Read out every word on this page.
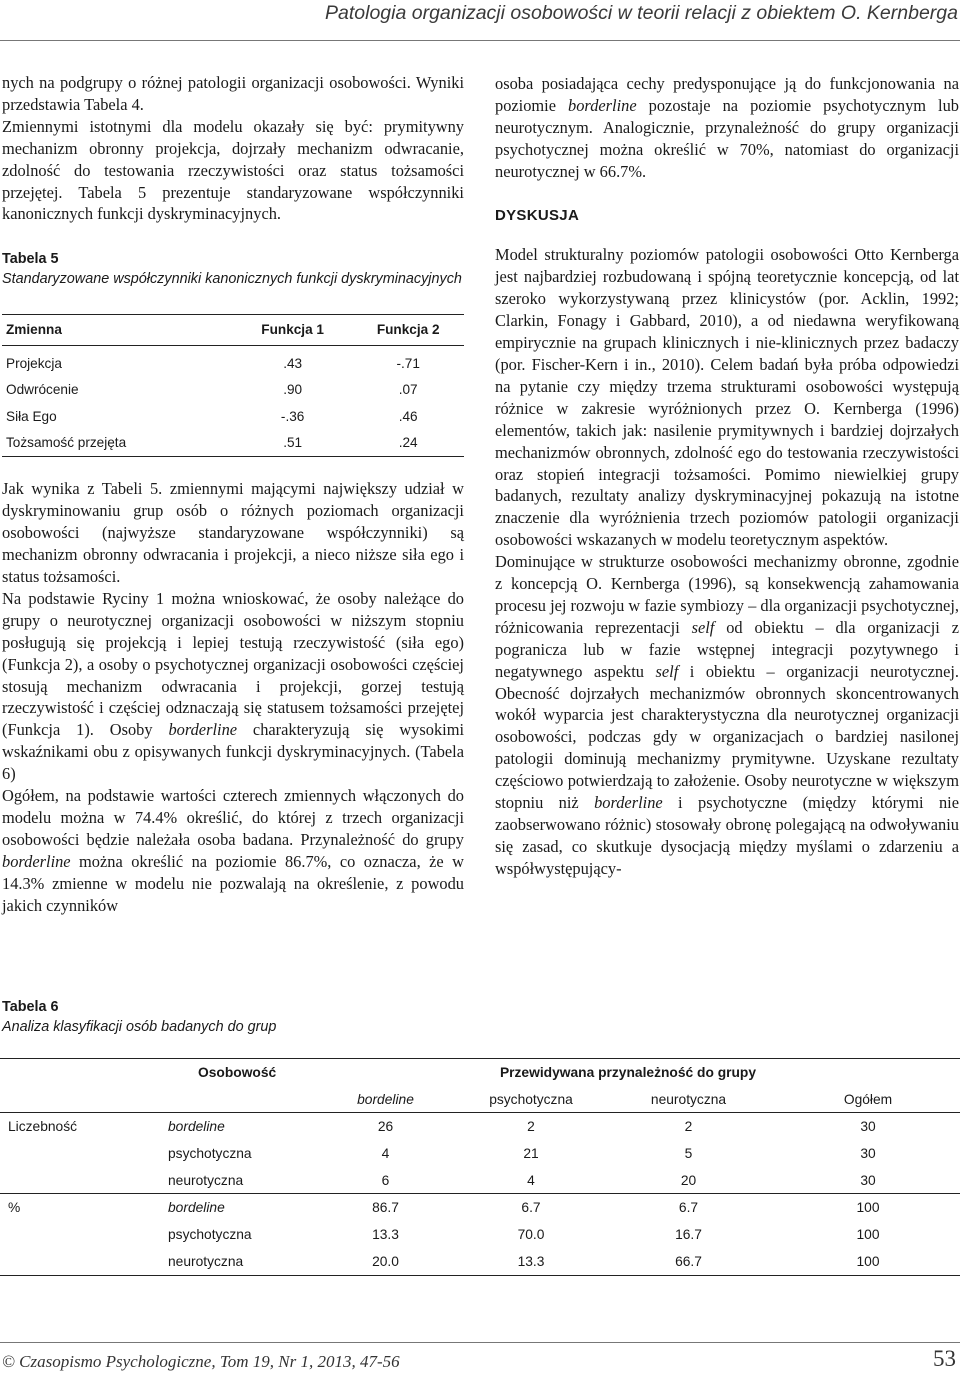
Patologia organizacji osobowości w teorii relacji z obiektem O. Kernberga

nych na podgrupy o różnej patologii organizacji osobowości. Wyniki przedstawia Tabela 4.

Zmiennymi istotnymi dla modelu okazały się być: prymitywny mechanizm obronny projekcja, dojrzały mechanizm odwracanie, zdolność do testowania rzeczywistości oraz status tożsamości przejętej. Tabela 5 prezentuje standaryzowane współczynniki kanonicznych funkcji dyskryminacyjnych.

Tabela 5
Standaryzowane współczynniki kanonicznych funkcji dyskryminacyjnych
Zmienna	Funkcja 1	Funkcja 2
Projekcja	.43	-.71
Odwrócenie	.90	.07
Siła Ego	-.36	.46
Tożsamość przejęta	.51	.24

Jak wynika z Tabeli 5. zmiennymi mającymi największy udział w dyskryminowaniu grup osób o różnych poziomach organizacji osobowości (najwyższe standaryzowane współczynniki) są mechanizm obronny odwracania i projekcji, a nieco niższe siła ego i status tożsamości.

Na podstawie Ryciny 1 można wnioskować, że osoby należące do grupy o neurotycznej organizacji osobowości w niższym stopniu posługują się projekcją i lepiej testują rzeczywistość (siła ego) (Funkcja 2), a osoby o psychotycznej organizacji osobowości częściej stosują mechanizm odwracania i projekcji, gorzej testują rzeczywistość i częściej odznaczają się statusem tożsamości przejętej (Funkcja 1). Osoby borderline charakteryzują się wysokimi wskaźnikami obu z opisywanych funkcji dyskryminacyjnych. (Tabela 6)

Ogółem, na podstawie wartości czterech zmiennych włączonych do modelu można w 74.4% określić, do której z trzech organizacji osobowości będzie należała osoba badana. Przynależność do grupy borderline można określić na poziomie 86.7%, co oznacza, że w 14.3% zmienne w modelu nie pozwalają na określenie, z powodu jakich czynników

osoba posiadająca cechy predysponujące ją do funkcjonowania na poziomie borderline pozostaje na poziomie psychotycznym lub neurotycznym. Analogicznie, przynależność do grupy organizacji psychotycznej można określić w 70%, natomiast do organizacji neurotycznej w 66.7%.

DYSKUSJA

Model strukturalny poziomów patologii osobowości Otto Kernberga jest najbardziej rozbudowaną i spójną teoretycznie koncepcją, od lat szeroko wykorzystywaną przez klinicystów (por. Acklin, 1992; Clarkin, Fonagy i Gabbard, 2010), a od niedawna weryfikowaną empirycznie na grupach klinicznych i nie-klinicznych przez badaczy (por. Fischer-Kern i in., 2010). Celem badań była próba odpowiedzi na pytanie czy między trzema strukturami osobowości występują różnice w zakresie wyróżnionych przez O. Kernberga (1996) elementów, takich jak: nasilenie prymitywnych i bardziej dojrzałych mechanizmów obronnych, zdolność ego do testowania rzeczywistości oraz stopień integracji tożsamości. Pomimo niewielkiej grupy badanych, rezultaty analizy dyskryminacyjnej pokazują na istotne znaczenie dla wyróżnienia trzech poziomów patologii organizacji osobowości wskazanych w modelu teoretycznym aspektów.

Dominujące w strukturze osobowości mechanizmy obronne, zgodnie z koncepcją O. Kernberga (1996), są konsekwencją zahamowania procesu jej rozwoju w fazie symbiozy – dla organizacji psychotycznej, różnicowania reprezentacji self od obiektu – dla organizacji z pogranicza lub w fazie wstępnej integracji pozytywnego i negatywnego aspektu self i obiektu – organizacji neurotycznej. Obecność dojrzałych mechanizmów obronnych skoncentrowanych wokół wyparcia jest charakterystyczna dla neurotycznej organizacji osobowości, podczas gdy w organizacjach o bardziej nasilonej patologii dominują mechanizmy prymitywne. Uzyskane rezultaty częściowo potwierdzają to założenie. Osoby neurotyczne w większym stopniu niż borderline i psychotyczne (między którymi nie zaobserwowano różnic) stosowały obronę polegającą na odwoływaniu się zasad, co skutkuje dysocjacją między myślami o zdarzeniu a współwystępujący-

Tabela 6
Analiza klasyfikacji osób badanych do grup
	Osobowość	Przewidywana przynależność do grupy			
		bordeline	psychotyczna	neurotyczna	Ogółem
Liczebność	bordeline	26	2	2	30
	psychotyczna	4	21	5	30
	neurotyczna	6	4	20	30
%	bordeline	86.7	6.7	6.7	100
	psychotyczna	13.3	70.0	16.7	100
	neurotyczna	20.0	13.3	66.7	100
© Czasopismo Psychologiczne, Tom 19, Nr 1, 2013, 47-56	53
